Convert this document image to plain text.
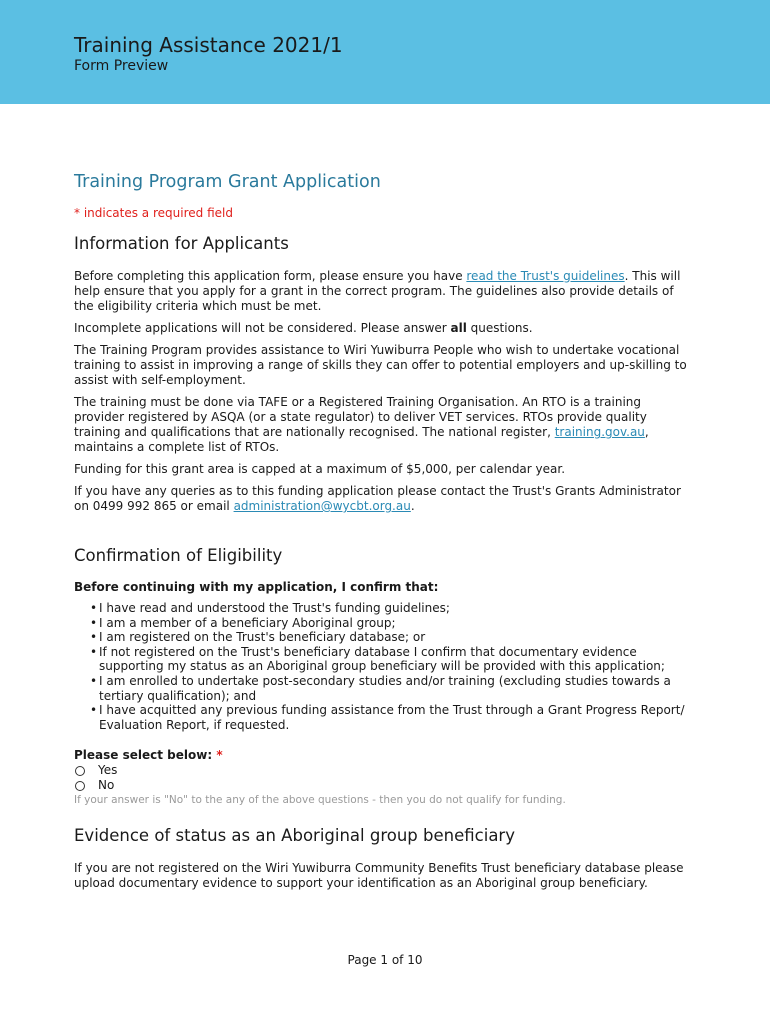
Training Assistance 2021/1
Form Preview
Training Program Grant Application
* indicates a required field
Information for Applicants

Before completing this application form, please ensure you have read the Trust's guidelines. This will help ensure that you apply for a grant in the correct program. The guidelines also provide details of the eligibility criteria which must be met.

Incomplete applications will not be considered. Please answer all questions.

The Training Program provides assistance to Wiri Yuwiburra People who wish to undertake vocational training to assist in improving a range of skills they can offer to potential employers and up-skilling to assist with self-employment.

The training must be done via TAFE or a Registered Training Organisation. An RTO is a training provider registered by ASQA (or a state regulator) to deliver VET services. RTOs provide quality training and qualifications that are nationally recognised. The national register, training.gov.au, maintains a complete list of RTOs.

Funding for this grant area is capped at a maximum of $5,000, per calendar year.

If you have any queries as to this funding application please contact the Trust's Grants Administrator on 0499 992 865 or email administration@wycbt.org.au.

Confirmation of Eligibility

Before continuing with my application, I confirm that:

• I have read and understood the Trust's funding guidelines;
• I am a member of a beneficiary Aboriginal group;
• I am registered on the Trust's beneficiary database; or
• If not registered on the Trust's beneficiary database I confirm that documentary evidence supporting my status as an Aboriginal group beneficiary will be provided with this application;
• I am enrolled to undertake post-secondary studies and/or training (excluding studies towards a tertiary qualification); and
• I have acquitted any previous funding assistance from the Trust through a Grant Progress Report/ Evaluation Report, if requested.

Please select below: *

Yes
No
If your answer is "No" to the any of the above questions - then you do not qualify for funding.
Evidence of status as an Aboriginal group beneficiary

If you are not registered on the Wiri Yuwiburra Community Benefits Trust beneficiary database please upload documentary evidence to support your identification as an Aboriginal group beneficiary.

Page 1 of 10
